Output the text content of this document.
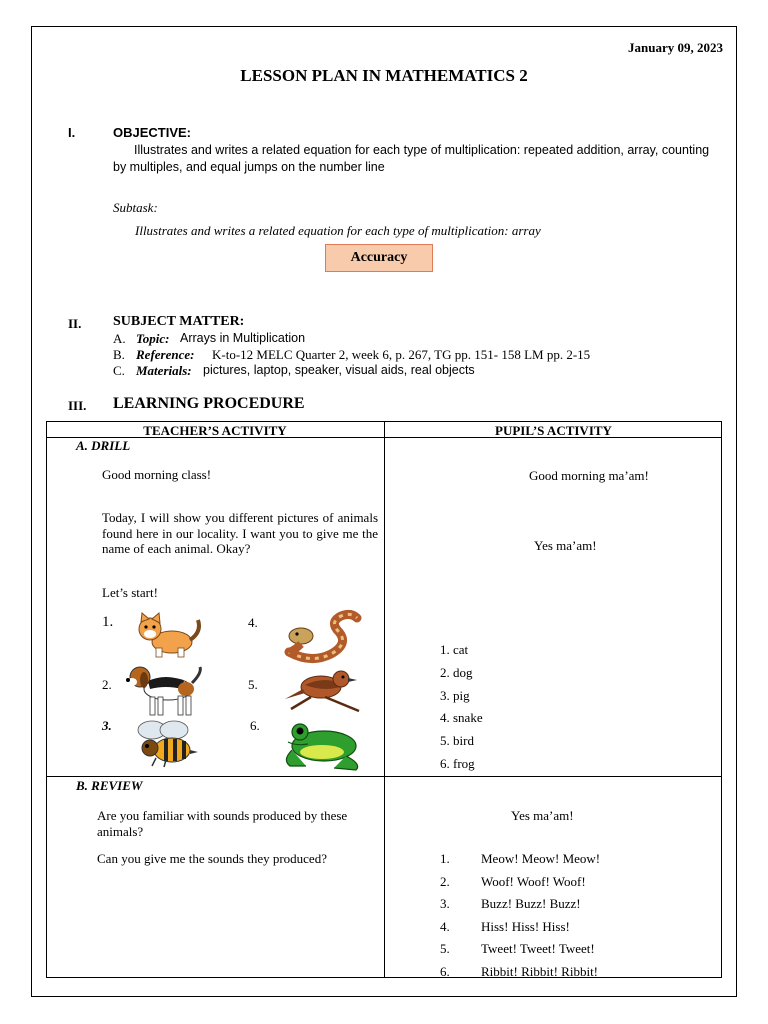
January 09, 2023
LESSON PLAN IN MATHEMATICS 2
I.	OBJECTIVE:
Illustrates and writes a related equation for each type of multiplication: repeated addition, array, counting by multiples, and equal jumps on the number line
Subtask:
Illustrates and writes a related equation for each type of multiplication: array
Accuracy
II. SUBJECT MATTER:
A. Topic: Arrays in Multiplication
B. Reference: K-to-12 MELC Quarter 2, week 6, p. 267, TG pp. 151- 158 LM pp. 2-15
C. Materials: pictures, laptop, speaker, visual aids, real objects
III. LEARNING PROCEDURE
TEACHER’S ACTIVITY	PUPIL’S ACTIVITY
A. DRILL
Good morning class!
Today, I will show you different pictures of animals found here in our locality. I want you to give me the name of each animal. Okay?
Let’s start!
Good morning ma’am!
Yes ma’am!
1.
2.
3.
4.
5.
6.
1. cat
2. dog
3. pig
4. snake
5. bird
6. frog
B. REVIEW
Are you familiar with sounds produced by these animals?
Can you give me the sounds they produced?
Yes ma’am!
1. Meow! Meow! Meow!
2. Woof! Woof! Woof!
3. Buzz! Buzz! Buzz!
4. Hiss! Hiss! Hiss!
5. Tweet! Tweet! Tweet!
6. Ribbit! Ribbit! Ribbit!
